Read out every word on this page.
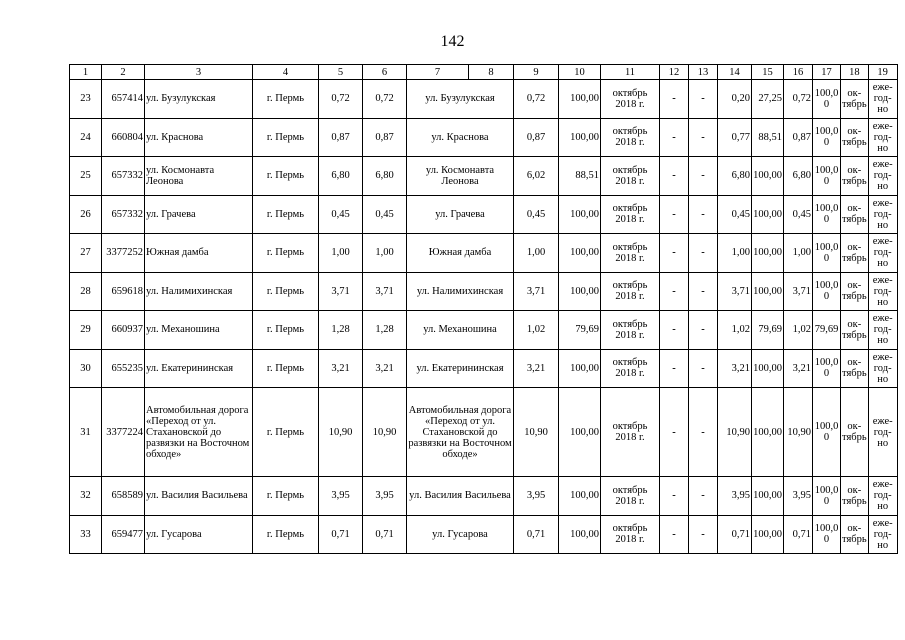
142
1	2	3	4	5	6	7	8	9	10	11	12	13	14	15	16	17	18	19
23	657414	ул. Бузулукская	г. Пермь	0,72	0,72	ул. Бузулукская		0,72	100,00	октябрь 2018 г.	-	-	0,20	27,25	0,72	100,0 0	ок- тябрь	еже- год- но
24	660804	ул. Краснова	г. Пермь	0,87	0,87	ул. Краснова		0,87	100,00	октябрь 2018 г.	-	-	0,77	88,51	0,87	100,0 0	ок- тябрь	еже- год- но
25	657332	ул. Космонавта Леонова	г. Пермь	6,80	6,80	ул. Космонавта Леонова		6,02	88,51	октябрь 2018 г.	-	-	6,80	100,00	6,80	100,0 0	ок- тябрь	еже- год- но
26	657332	ул. Грачева	г. Пермь	0,45	0,45	ул. Грачева		0,45	100,00	октябрь 2018 г.	-	-	0,45	100,00	0,45	100,0 0	ок- тябрь	еже- год- но
27	3377252	Южная дамба	г. Пермь	1,00	1,00	Южная дамба		1,00	100,00	октябрь 2018 г.	-	-	1,00	100,00	1,00	100,0 0	ок- тябрь	еже- год- но
28	659618	ул. Налимихинская	г. Пермь	3,71	3,71	ул. Налимихинская		3,71	100,00	октябрь 2018 г.	-	-	3,71	100,00	3,71	100,0 0	ок- тябрь	еже- год- но
29	660937	ул. Механошина	г. Пермь	1,28	1,28	ул. Механошина		1,02	79,69	октябрь 2018 г.	-	-	1,02	79,69	1,02	79,69	ок- тябрь	еже- год- но
30	655235	ул. Екатерининская	г. Пермь	3,21	3,21	ул. Екатерининская		3,21	100,00	октябрь 2018 г.	-	-	3,21	100,00	3,21	100,0 0	ок- тябрь	еже- год- но
31	3377224	Автомобильная дорога «Переход от ул. Стахановской до развязки на Восточном обходе»	г. Пермь	10,90	10,90	Автомобильная дорога «Переход от ул. Стахановской до развязки на Восточном обходе»		10,90	100,00	октябрь 2018 г.	-	-	10,90	100,00	10,90	100,0 0	ок- тябрь	еже- год- но
32	658589	ул. Василия Васильева	г. Пермь	3,95	3,95	ул. Василия Васильева		3,95	100,00	октябрь 2018 г.	-	-	3,95	100,00	3,95	100,0 0	ок- тябрь	еже- год- но
33	659477	ул. Гусарова	г. Пермь	0,71	0,71	ул. Гусарова		0,71	100,00	октябрь 2018 г.	-	-	0,71	100,00	0,71	100,0 0	ок- тябрь	еже- год- но
